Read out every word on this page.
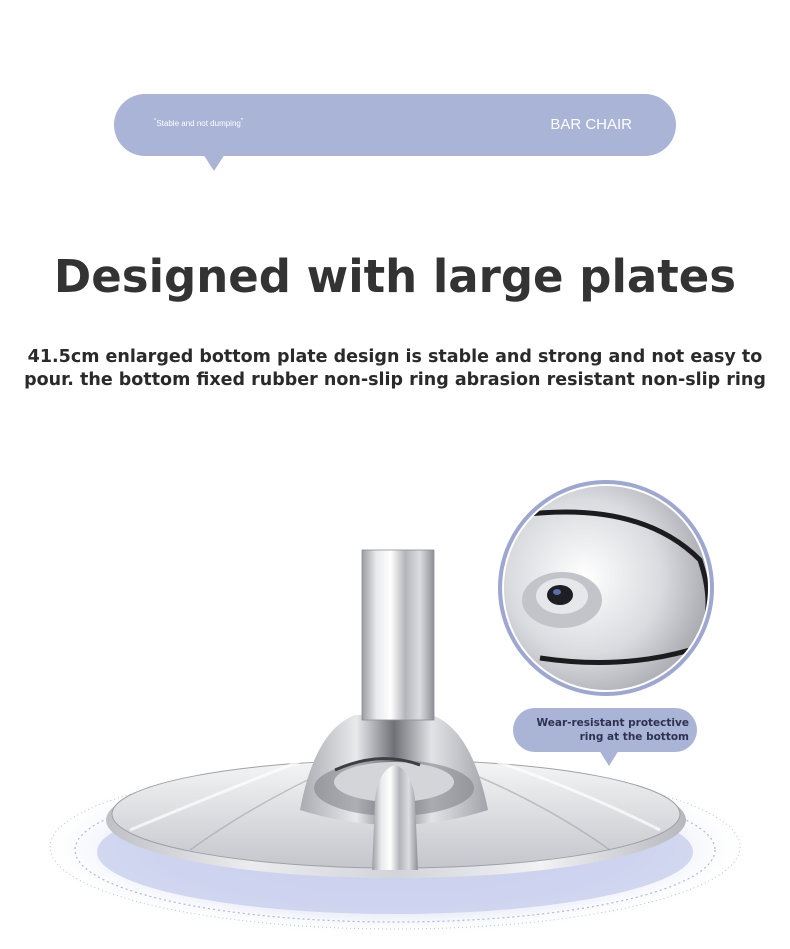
“Stable and not dumping”	BAR CHAIR
Designed with large plates

41.5cm enlarged bottom plate design is stable and strong and not easy to pour. the bottom fixed rubber non-slip ring abrasion resistant non-slip ring

Wear-resistant protective
ring at the bottom
